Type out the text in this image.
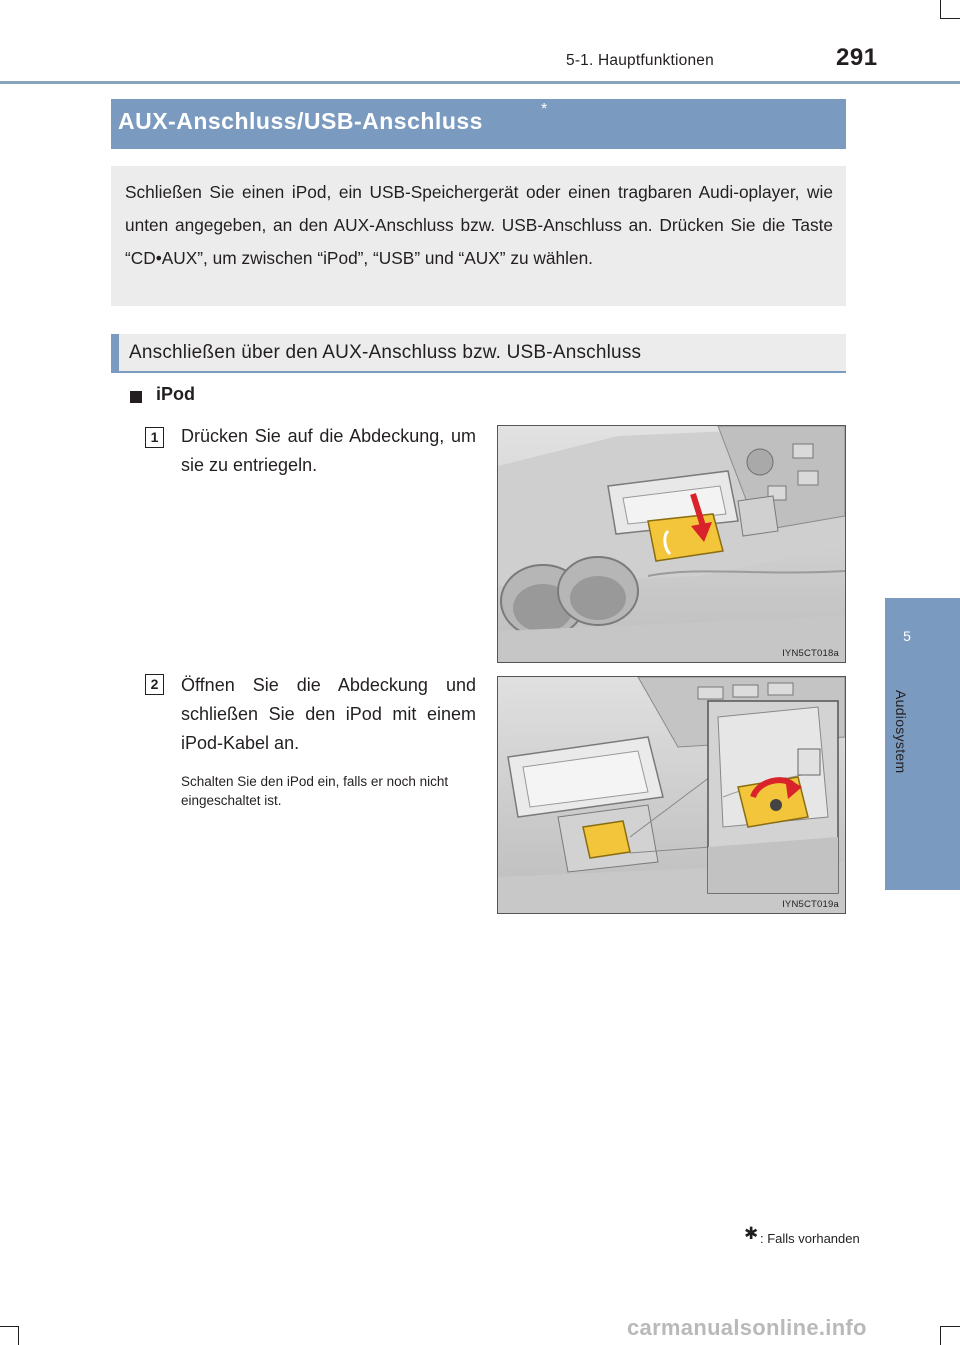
5-1. Hauptfunktionen	291
5
Audiosystem
AUX-Anschluss/USB-Anschluss	*
Schließen Sie einen iPod, ein USB-Speichergerät oder einen tragbaren Audi-oplayer, wie unten angegeben, an den AUX-Anschluss bzw. USB-Anschluss an. Drücken Sie die Taste “CD•AUX”, um zwischen “iPod”, “USB” und “AUX” zu wählen.
Anschließen über den AUX-Anschluss bzw. USB-Anschluss
iPod
1	Drücken Sie auf die Abdeckung, um sie zu entriegeln.
IYN5CT018a
2	Öffnen Sie die Abdeckung und schließen Sie den iPod mit einem iPod-Kabel an.
Schalten Sie den iPod ein, falls er noch nicht eingeschaltet ist.
IYN5CT019a
✱ : Falls vorhanden
carmanualsonline.info
